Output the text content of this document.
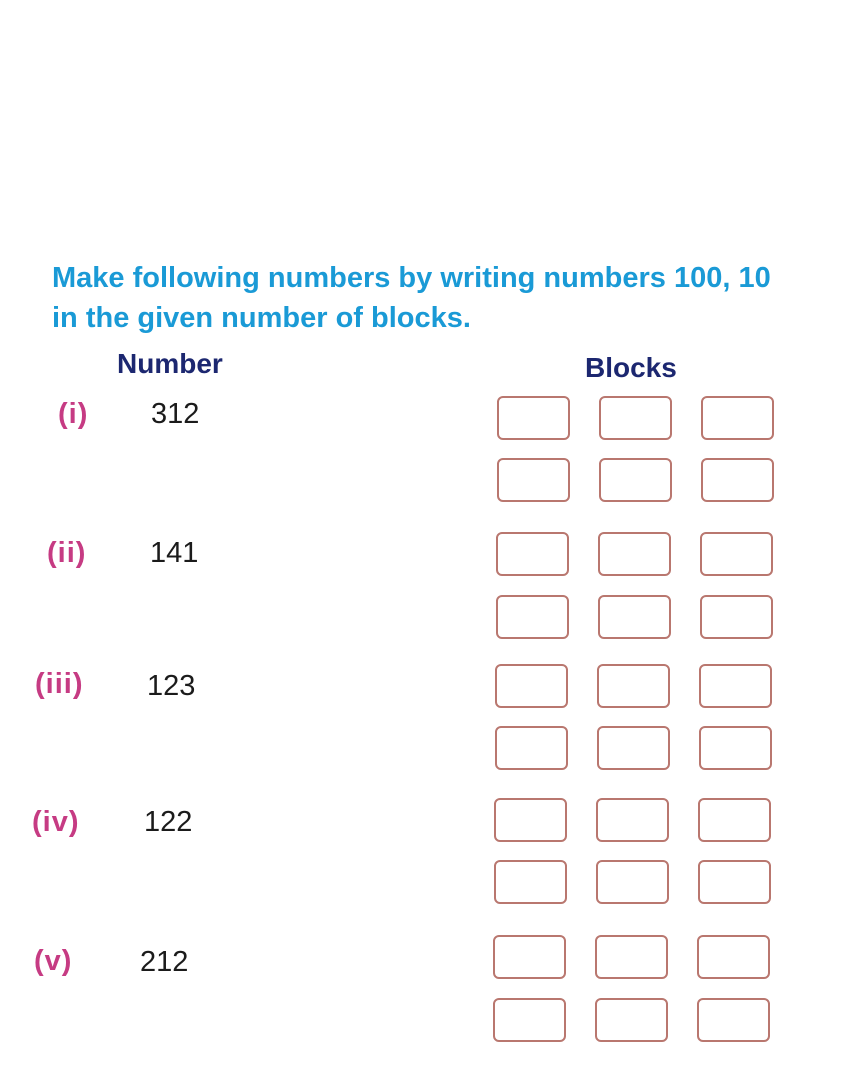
Make following numbers by writing numbers 100, 10
in the given number of blocks.
Number	Blocks
(i) 312
(ii) 141
(iii) 123
(iv) 122
(v) 212
